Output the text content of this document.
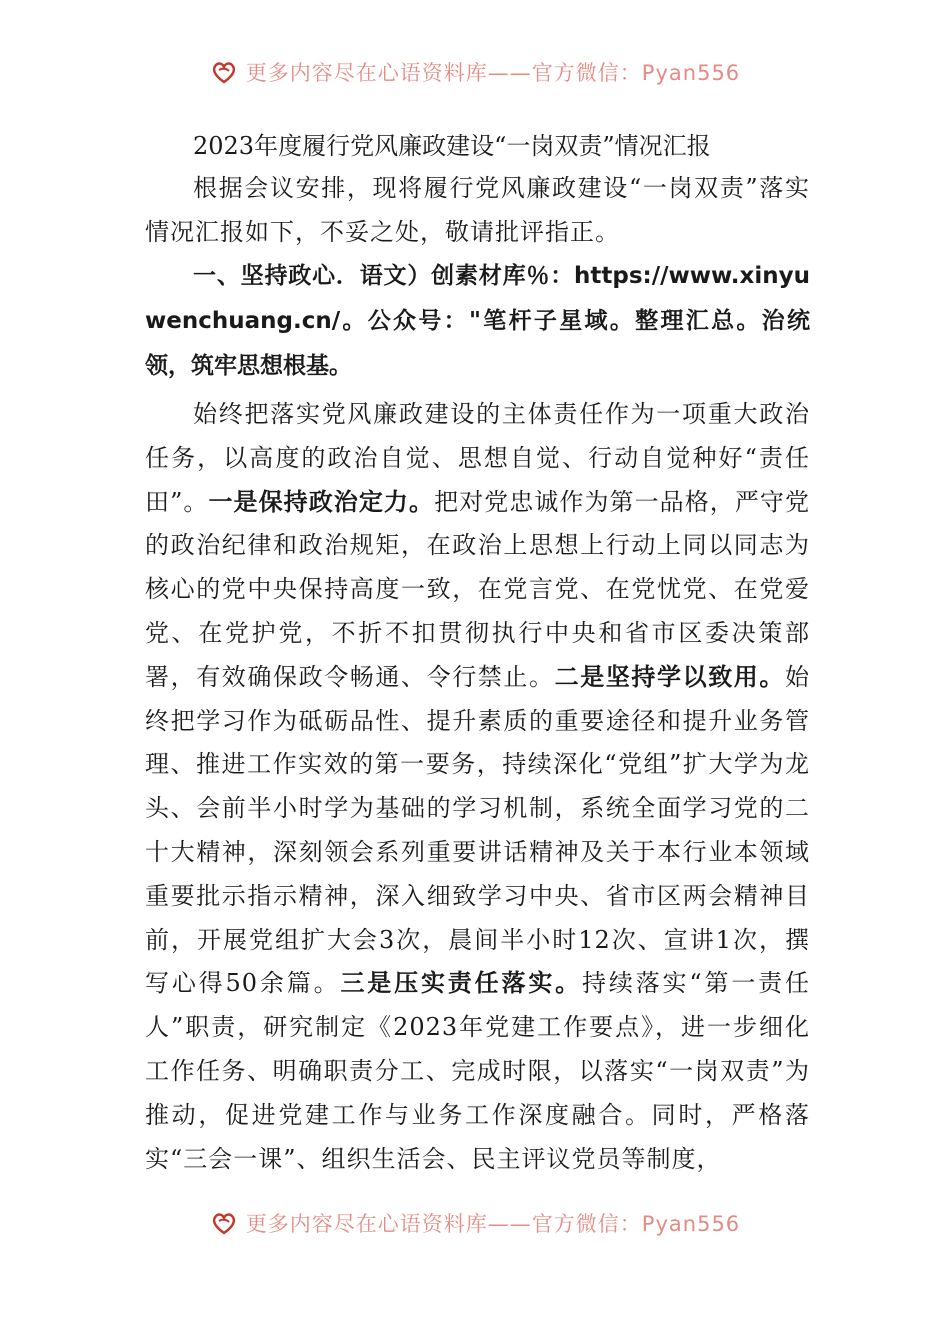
更多内容尽在心语资料库——官方微信：Pyan556
2023年度履行党风廉政建设“一岗双责”情况汇报

根据会议安排，现将履行党风廉政建设“一岗双责”落实情况汇报如下，不妥之处，敬请批评指正。

一、坚持政心．语文）创素材库％：https://www.xinyuwenchuang.cn/。公众号："笔杆子星域。整理汇总。治统领，筑牢思想根基。

始终把落实党风廉政建设的主体责任作为一项重大政治任务，以高度的政治自觉、思想自觉、行动自觉种好“责任田”。一是保持政治定力。把对党忠诚作为第一品格，严守党的政治纪律和政治规矩，在政治上思想上行动上同以同志为核心的党中央保持高度一致，在党言党、在党忧党、在党爱党、在党护党，不折不扣贯彻执行中央和省市区委决策部署，有效确保政令畅通、令行禁止。二是坚持学以致用。始终把学习作为砥砺品性、提升素质的重要途径和提升业务管理、推进工作实效的第一要务，持续深化“党组”扩大学为龙头、会前半小时学为基础的学习机制，系统全面学习党的二十大精神，深刻领会系列重要讲话精神及关于本行业本领域重要批示指示精神，深入细致学习中央、省市区两会精神目前，开展党组扩大会3次，晨间半小时12次、宣讲1次，撰写心得50余篇。三是压实责任落实。持续落实“第一责任人”职责，研究制定《2023年党建工作要点》，进一步细化工作任务、明确职责分工、完成时限，以落实“一岗双责”为推动，促进党建工作与业务工作深度融合。同时，严格落实“三会一课”、组织生活会、民主评议党员等制度，

更多内容尽在心语资料库——官方微信：Pyan556
